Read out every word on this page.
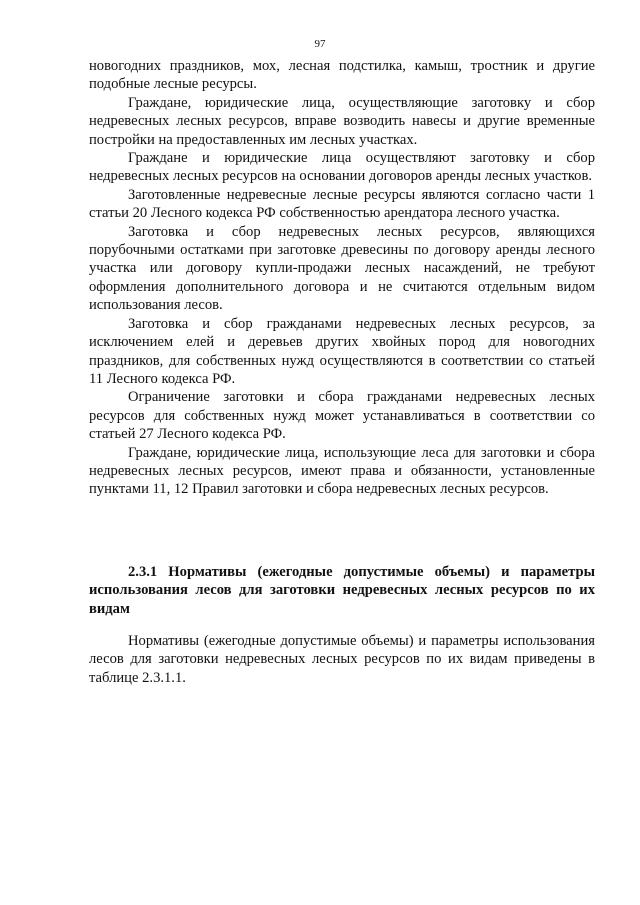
97

новогодних праздников, мох, лесная подстилка, камыш, тростник и другие подобные лесные ресурсы.

Граждане, юридические лица, осуществляющие заготовку и сбор недревесных лесных ресурсов, вправе возводить навесы и другие временные постройки на предоставленных им лесных участках.

Граждане и юридические лица осуществляют заготовку и сбор недревесных лесных ресурсов на основании договоров аренды лесных участков.

Заготовленные недревесные лесные ресурсы являются согласно части 1 статьи 20 Лесного кодекса РФ собственностью арендатора лесного участка.

Заготовка и сбор недревесных лесных ресурсов, являющихся порубочными остатками при заготовке древесины по договору аренды лесного участка или договору купли-продажи лесных насаждений, не требуют оформления дополнительного договора и не считаются отдельным видом использования лесов.

Заготовка и сбор гражданами недревесных лесных ресурсов, за исключением елей и деревьев других хвойных пород для новогодних праздников, для собственных нужд осуществляются в соответствии со статьей 11 Лесного кодекса РФ.

Ограничение заготовки и сбора гражданами недревесных лесных ресурсов для собственных нужд может устанавливаться в соответствии со статьей 27 Лесного кодекса РФ.

Граждане, юридические лица, использующие леса для заготовки и сбора недревесных лесных ресурсов, имеют права и обязанности, установленные пунктами 11, 12 Правил заготовки и сбора недревесных лесных ресурсов.

2.3.1 Нормативы (ежегодные допустимые объемы) и параметры использования лесов для заготовки недревесных лесных ресурсов по их видам

Нормативы (ежегодные допустимые объемы) и параметры использования лесов для заготовки недревесных лесных ресурсов по их видам приведены в таблице 2.3.1.1.
